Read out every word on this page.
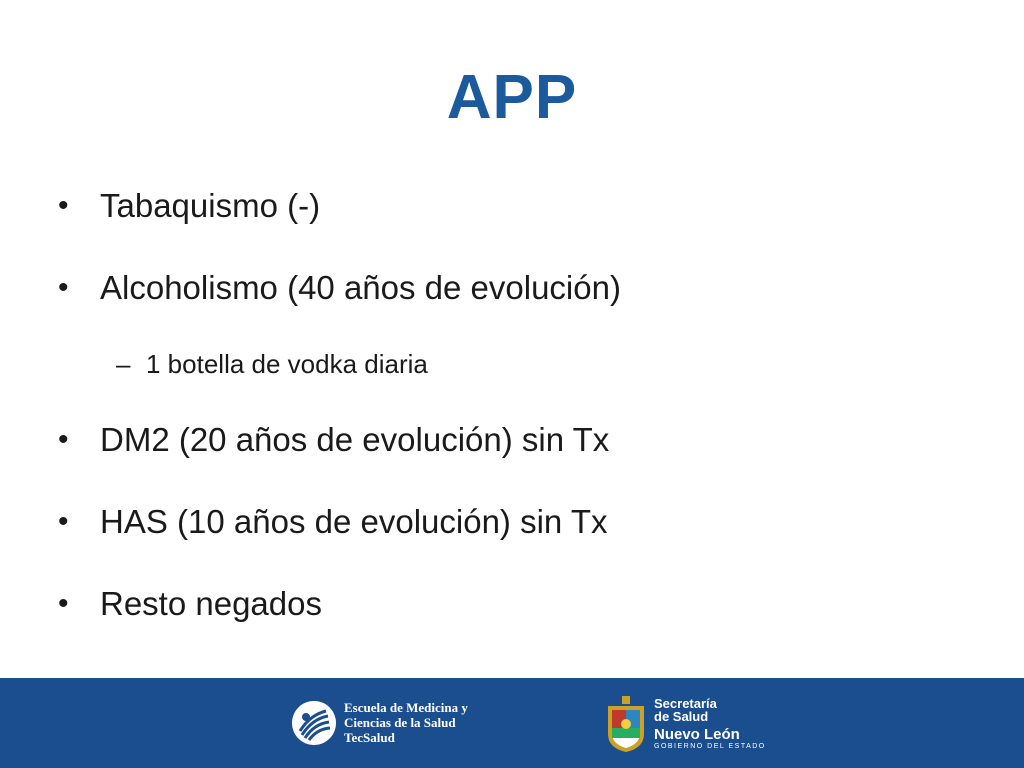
APP
• Tabaquismo (-)
• Alcoholismo (40 años de evolución)
– 1 botella de vodka diaria
• DM2 (20 años de evolución) sin Tx
• HAS (10 años de evolución) sin Tx
• Resto negados
Escuela de Medicina y
Ciencias de la Salud
TecSalud
Secretaría
de Salud
Nuevo León
GOBIERNO DEL ESTADO
